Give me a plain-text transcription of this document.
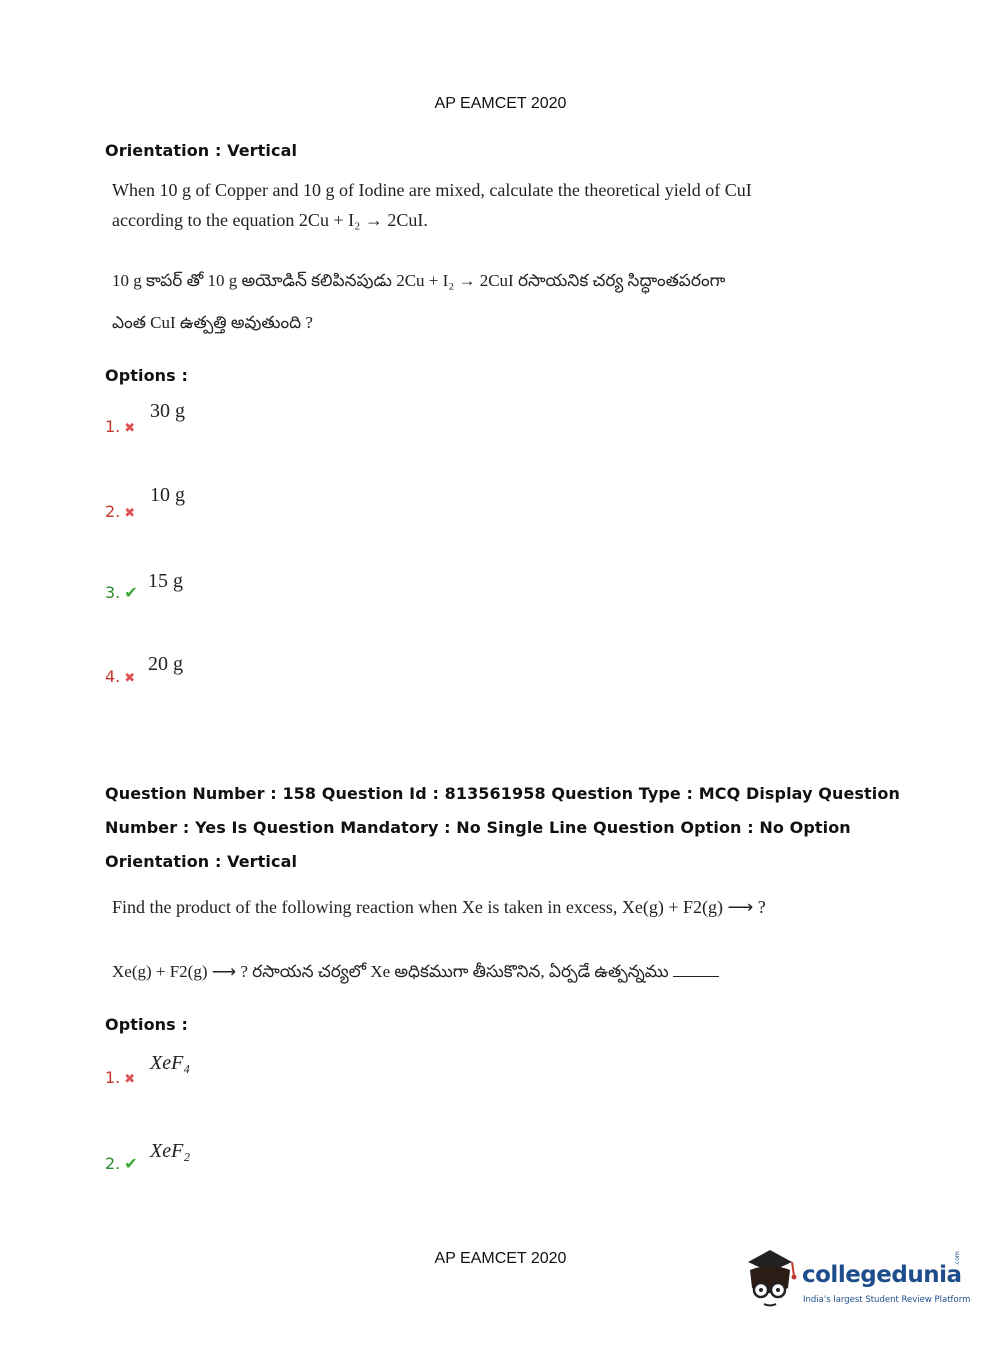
AP EAMCET 2020
Orientation : Vertical
When 10 g of Copper and 10 g of Iodine are mixed, calculate the theoretical yield of CuI
according to the equation 2Cu + I₂ → 2CuI.
10 g కాపర్ తో 10 g అయోడిన్ కలిపినపుడు 2Cu + I₂ → 2CuI రసాయనిక చర్య సిద్ధాంతపరంగా
ఎంత CuI ఉత్పత్తి అవుతుంది ?
Options :
1. ✖
30 g
2. ✖
10 g
3. ✔
15 g
4. ✖
20 g
Question Number : 158 Question Id : 813561958 Question Type : MCQ Display Question
Number : Yes Is Question Mandatory : No Single Line Question Option : No Option
Orientation : Vertical
Find the product of the following reaction when Xe is taken in excess, Xe(g) + F2(g) ⟶ ?
Xe(g) + F2(g) ⟶ ? రసాయన చర్యలో Xe అధికముగా తీసుకొనిన, ఏర్పడే ఉత్పన్నము
Options :
1. ✖
XeF₄
2. ✔
XeF₂
AP EAMCET 2020
collegedunia
.com
India's largest Student Review Platform
